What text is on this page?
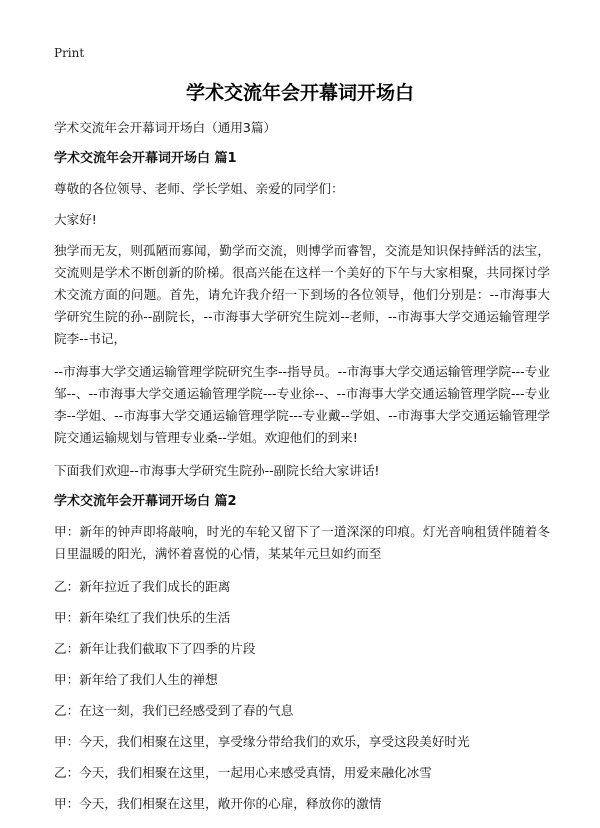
Print
学术交流年会开幕词开场白

学术交流年会开幕词开场白（通用3篇）

学术交流年会开幕词开场白 篇1

尊敬的各位领导、老师、学长学姐、亲爱的同学们：

大家好!

独学而无友，则孤陋而寡闻，勤学而交流，则博学而睿智，交流是知识保持鲜活的法宝，交流则是学术不断创新的阶梯。很高兴能在这样一个美好的下午与大家相聚，共同探讨学术交流方面的问题。首先，请允许我介绍一下到场的各位领导，他们分别是：--市海事大学研究生院的孙--副院长，--市海事大学研究生院刘--老师，--市海事大学交通运输管理学院李--书记，

--市海事大学交通运输管理学院研究生李--指导员。--市海事大学交通运输管理学院---专业邹--、--市海事大学交通运输管理学院---专业徐--、--市海事大学交通运输管理学院---专业李--学姐、--市海事大学交通运输管理学院---专业戴--学姐、--市海事大学交通运输管理学院交通运输规划与管理专业桑--学姐。欢迎他们的到来!

下面我们欢迎--市海事大学研究生院孙--副院长给大家讲话!

学术交流年会开幕词开场白 篇2

甲：新年的钟声即将敲响，时光的车轮又留下了一道深深的印痕。灯光音响租赁伴随着冬日里温暖的阳光，满怀着喜悦的心情，某某年元旦如约而至

乙：新年拉近了我们成长的距离

甲：新年染红了我们快乐的生活

乙：新年让我们截取下了四季的片段

甲：新年给了我们人生的禅想

乙：在这一刻，我们已经感受到了春的气息

甲：今天，我们相聚在这里，享受缘分带给我们的欢乐，享受这段美好时光

乙：今天，我们相聚在这里，一起用心来感受真情，用爱来融化冰雪

甲：今天，我们相聚在这里，敞开你的心扉，释放你的激情
